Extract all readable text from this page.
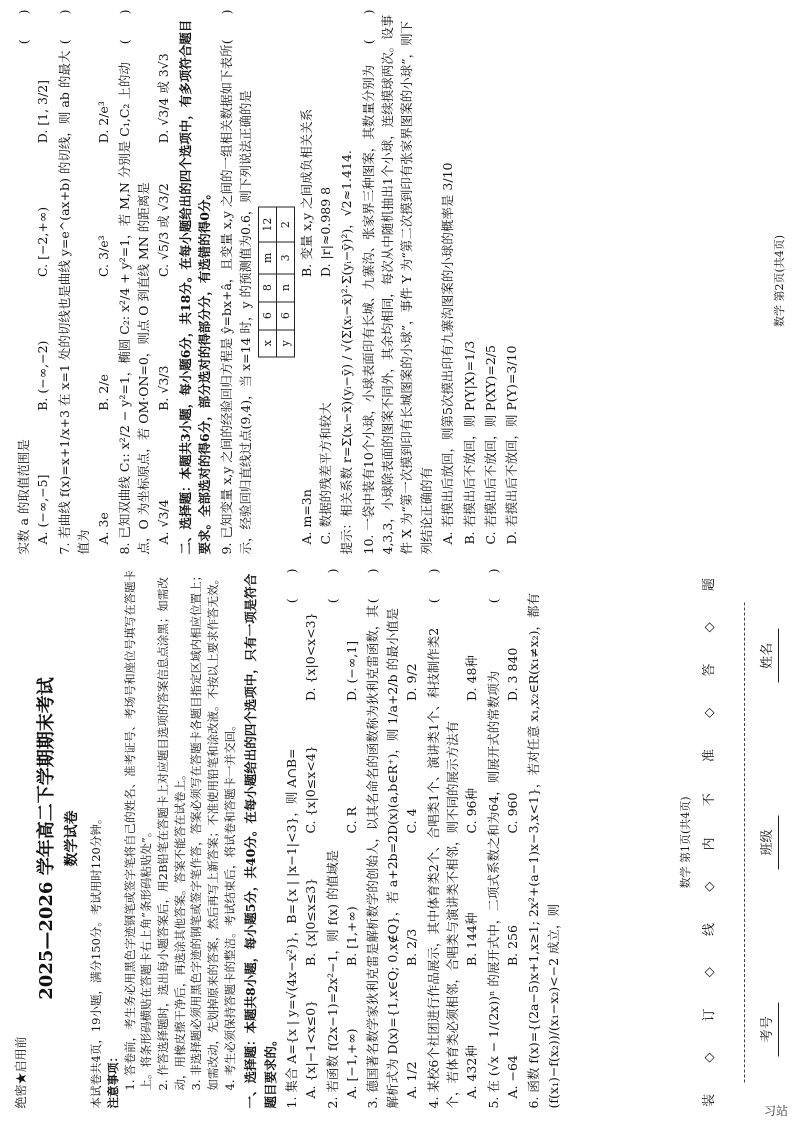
绝密★启用前
2025—2026 学年高二下学期期末考试 数学试卷 本试卷共4页，19小题，满分150分。考试用时120分钟。 注意事项： 1. 答卷前，考生务必用黑色字迹钢笔或签字笔将自己的姓名、准考证号、考场号和座位号填写在答题卡上。将条形码横贴在答题卡右上角“条形码粘贴处”。 2. 作答选择题时，选出每小题答案后，用2B铅笔在答题卡上对应题目选项的答案信息点涂黑；如需改动，用橡皮擦干净后，再选涂其他答案。答案不能答在试卷上。 3. 非选择题必须用黑色字迹的钢笔或签字笔作答，答案必须写在答题卡各题目指定区域内相应位置上；如需改动，先划掉原来的答案，然后再写上新答案；不准使用铅笔和涂改液。不按以上要求作答无效。 4. 考生必须保持答题卡的整洁。考试结束后，将试卷和答题卡一并交回。 一、选择题：本题共8小题，每小题5分，共40分。在每小题给出的四个选项中，只有一项是符合题目要求的。
(　　)
1. 集合 A={x | y=√(4x−x²)}，B={x | |x−1|<3}，则 A∩B= A. {x|−1<x≤0}
B. {x|0≤x≤3}
C. {x|0≤x<4}
D. {x|0<x<3}
(　　)
2. 若函数 f(2x−1)=2x²−1，则 f(x) 的值域是 A. [−1,+∞)
B. [1,+∞)
C. R
D. (−∞,1]
(　　)
3. 德国著名数学家狄利克雷是解析数学的创始人，以其名命名的函数称为狄利克雷函数，其解析式为 D(x)={1,x∈Q; 0,x∉Q}，若 a+2b=2D(x)(a,b∈R⁺)，则 1/a+2/b 的最小值是 A. 1/2
B. 2/3
C. 4
D. 9/2
(　　)
4. 某校6个社团进行作品展示，其中体育类2个、合唱类1个、演讲类1个、科技制作类2个，若体育类必须相邻，合唱类与演讲类不相邻，则不同的展示方法有 A. 432种
B. 144种
C. 96种
D. 48种
(　　)
5. 在 (√x − 1/(2x))ⁿ 的展开式中，二项式系数之和为64，则展开式的常数项为 A. −64
B. 256
C. 960
D. 3 840 6. 函数 f(x)={(2a−5)x+1,x≥1; 2x²+(a−1)x−3,x<1}，若对任意 x₁,x₂∈R(x₁≠x₂)，都有 (f(x₁)−f(x₂))/(x₁−x₂)<−2 成立，则	装
◇
订
◇
线
◇
内
不
准
◇
答
◇
题
考号
班级
姓名
数学 第1页(共4页)
(　　)
实数 a 的取值范围是 A. (−∞,−5]
B. (−∞,−2)
C. [−2,+∞)
D. [1, 3/2]
(　　)
7. 若曲线 f(x)=x+1/x+3 在 x=1 处的切线也是曲线 y=e^(ax+b) 的切线，则 ab 的最大值为 A. 3e
B. 2/e
C. 3/e³
D. 2/e³
(　　)
8. 已知双曲线 C₁: x²/2 − y²=1，椭圆 C₂: x²/4 + y²=1，若 M,N 分别是 C₁,C₂ 上的动点，O 为坐标原点，若 OM·ON=0，则点 O 到直线 MN 的距离是 A. √3/4
B. √3/3
C. √5/3 或 √3/2
D. √3/4 或 3√3 二、选择题：本题共3小题，每小题6分，共18分。在每小题给出的四个选项中，有多项符合题目要求。全部选对的得6分，部分选对的得部分分，有选错的得0分。
(　　)
9. 已知变量 x,y 之间的经验回归方程是 ŷ=bx+â，且变量 x,y 之间的一组相关数据如下表所示，经验回归直线过点(9,4)，当 x=14 时，y 的预测值为0.6，则下列说法正确的是 x	6	8	m	12
y	6	n	3	2
A. m=3n
B. 变量 x,y 之间成负相关关系
C. 数据的残差平方和较大
D. |r|≈0.989 8 提示：相关系数 r=Σ(xᵢ−x̄)(yᵢ−ȳ) / √(Σ(xᵢ−x̄)²·Σ(yᵢ−ȳ)²)，√2≈1.414.
(　　)
10. 一袋中装有10个小球，小球表面印有长城、九寨沟、张家界三种图案，其数量分别为4,3,3，小球除表面的图案不同外，其余均相同，每次从中随机抽出1个小球，连续摸球两次。设事件 X 为“第一次摸到印有长城图案的小球”，事件 Y 为“第二次摸到印有张家界图案的小球”，则下列结论正确的有 A. 若摸出后放回，则第5次摸出印有九寨沟图案的小球的概率是 3/10 B. 若摸出后不放回，则 P(Y|X)=1/3 C. 若摸出后不放回，则 P(XY)=2/5 D. 若摸出后不放回，则 P(Y)=3/10
数学 第2页(共4页)
习站
